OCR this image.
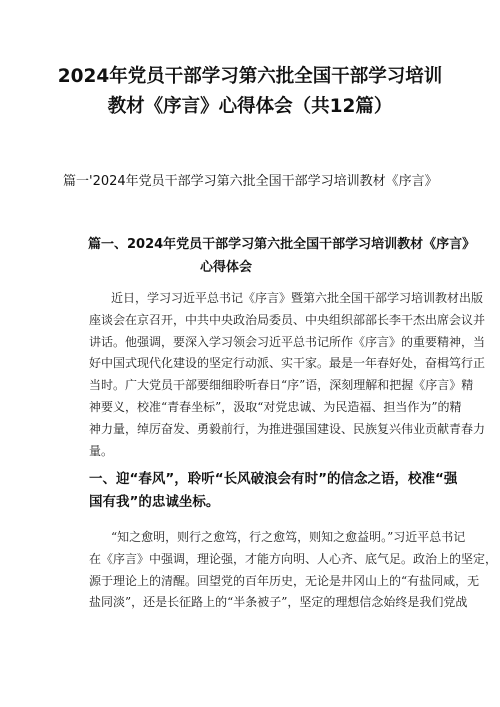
2024年党员干部学习第六批全国干部学习培训
教材《序言》心得体会（共12篇）
篇一'2024年党员干部学习第六批全国干部学习培训教材《序言》
篇一、2024年党员干部学习第六批全国干部学习培训教材《序言》
心得体会
近日，学习习近平总书记《序言》暨第六批全国干部学习培训教材出版
座谈会在京召开，中共中央政治局委员、中央组织部部长李干杰出席会议并
讲话。他强调，要深入学习领会习近平总书记所作《序言》的重要精神，当
好中国式现代化建设的坚定行动派、实干家。最是一年春好处，奋楫笃行正
当时。广大党员干部要细细聆听春日“序”语，深刻理解和把握《序言》精
神要义，校准“青春坐标”，汲取“对党忠诚、为民造福、担当作为”的精
神力量，绰厉奋发、勇毅前行，为推进强国建设、民族复兴伟业贡献青春力
量。
一、迎“春风”，聆听“长风破浪会有时”的信念之语，校准“强
国有我”的忠诚坐标。
“知之愈明，则行之愈笃，行之愈笃，则知之愈益明。”习近平总书记
在《序言》中强调，理论强，才能方向明、人心齐、底气足。政治上的坚定，
源于理论上的清醒。回望党的百年历史，无论是井冈山上的“有盐同咸，无
盐同淡”，还是长征路上的“半条被子”，坚定的理想信念始终是我们党战
